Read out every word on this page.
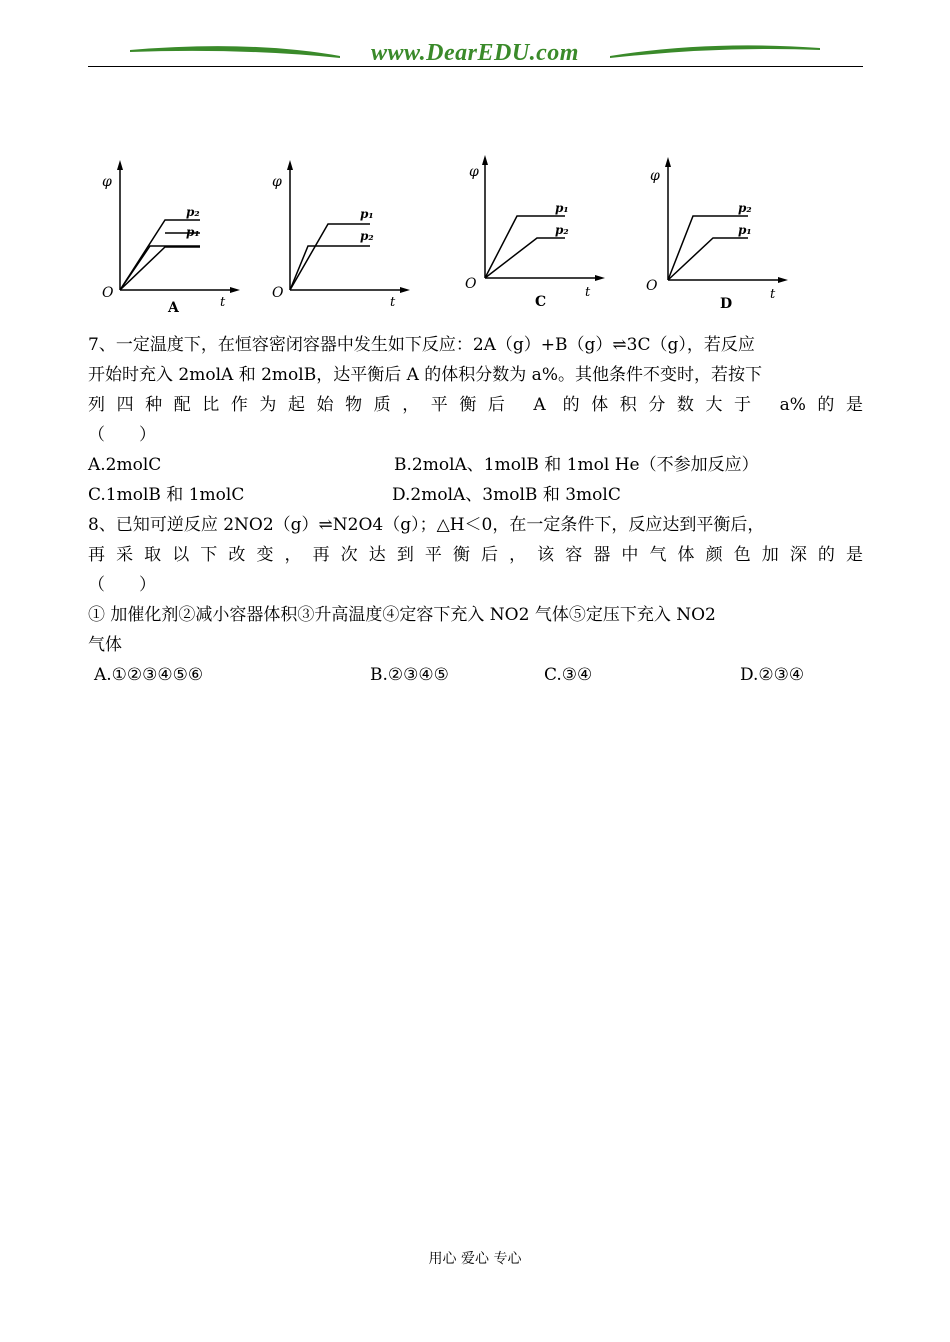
www.DearEDU.com
φ
t
O
p₂
p₁
A
φ
t
O
p₁
p₂
φ
t
O
p₁
p₂
C
φ
t
O
p₂
p₁
D
7、一定温度下，在恒容密闭容器中发生如下反应：2A（g）+B（g）⇌3C（g），若反应
开始时充入 2molA 和 2molB，达平衡后 A 的体积分数为 a%。其他条件不变时，若按下
列四种配比作为起始物质，平衡后 A 的体积分数大于 a%的是
（　　）
A.2molC	B.2molA、1molB 和 1mol He（不参加反应）
C.1molB 和 1molC	D.2molA、3molB 和 3molC
8、已知可逆反应 2NO2（g）⇌N2O4（g）；△H＜0，在一定条件下，反应达到平衡后，
再采取以下改变，再次达到平衡后，该容器中气体颜色加深的是
（　　）
① 加催化剂②减小容器体积③升高温度④定容下充入 NO2 气体⑤定压下充入 NO2
气体
A.①②③④⑤⑥	B.②③④⑤	C.③④	D.②③④
用心 爱心 专心
